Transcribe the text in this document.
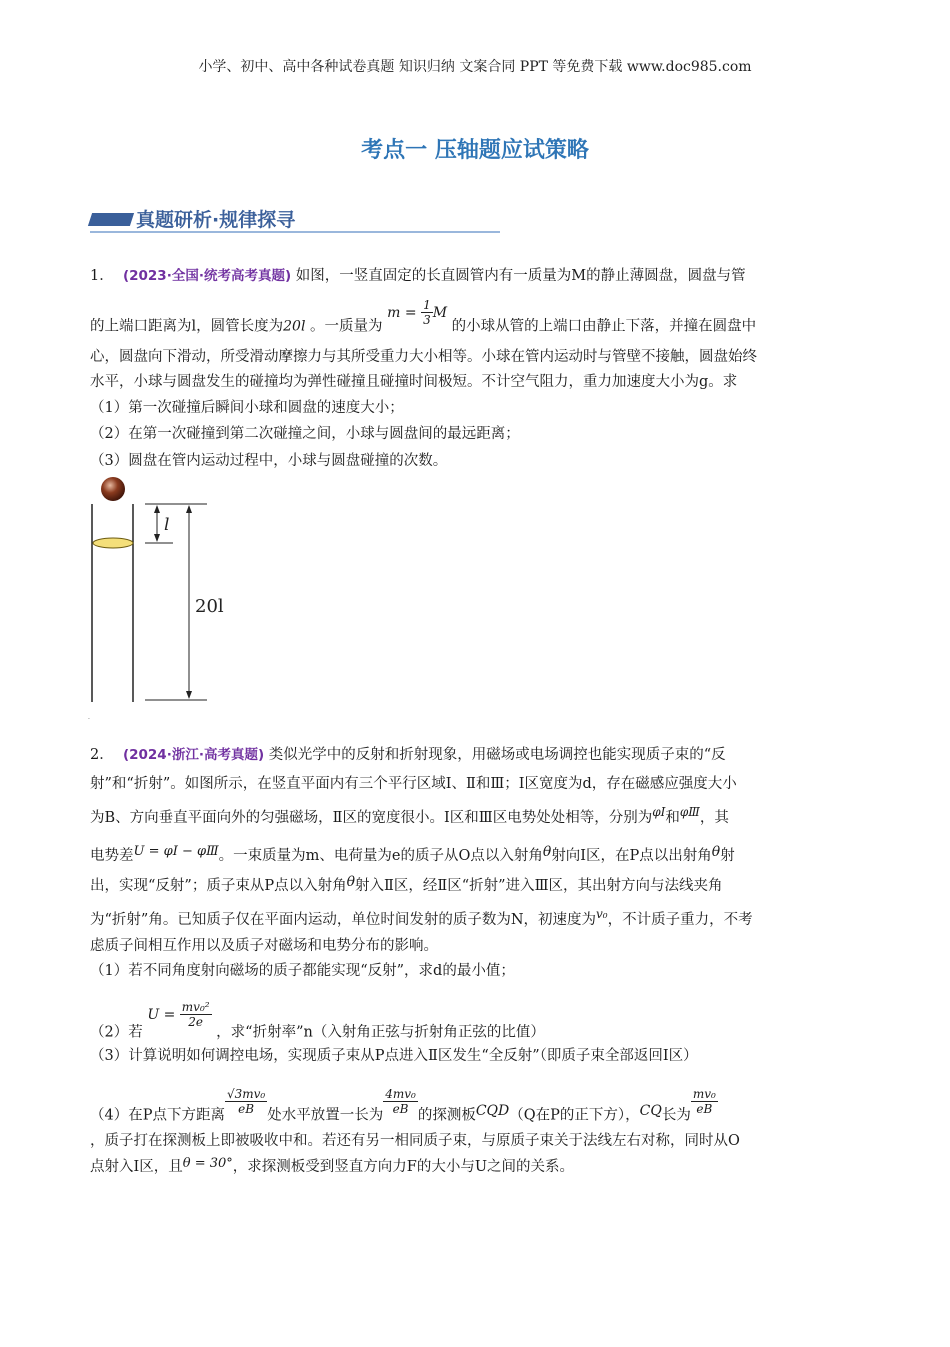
小学、初中、高中各种试卷真题 知识归纳 文案合同 PPT 等免费下载 www.doc985.com
考点一 压轴题应试策略
真题研析·规律探寻
1． (2023·全国·统考高考真题) 如图，一竖直固定的长直圆管内有一质量为M的静止薄圆盘，圆盘与管
的上端口距离为l，圆管长度为20l 。一质量为 $m = \frac{1}{3}$ M 的小球从管的上端口由静止下落，并撞在圆盘中
心，圆盘向下滑动，所受滑动摩擦力与其所受重力大小相等。小球在管内运动时与管壁不接触，圆盘始终
水平，小球与圆盘发生的碰撞均为弹性碰撞且碰撞时间极短。不计空气阻力，重力加速度大小为g。求
（1）第一次碰撞后瞬间小球和圆盘的速度大小；
（2）在第一次碰撞到第二次碰撞之间，小球与圆盘间的最远距离；
（3）圆盘在管内运动过程中，小球与圆盘碰撞的次数。
l
20l
.
2． (2024·浙江·高考真题) 类似光学中的反射和折射现象，用磁场或电场调控也能实现质子束的“反
射”和“折射”。如图所示，在竖直平面内有三个平行区域Ⅰ、Ⅱ和Ⅲ；Ⅰ区宽度为d，存在磁感应强度大小
为B、方向垂直平面向外的匀强磁场，Ⅱ区的宽度很小。Ⅰ区和Ⅲ区电势处处相等，分别为$^{\varphi Ⅰ}$和$^{\varphi Ⅲ}$，其
电势差U = φⅠ − φⅢ。一束质量为m、电荷量为e的质子从O点以入射角θ射向Ⅰ区，在P点以出射角θ射
出，实现“反射”；质子束从P点以入射角θ射入Ⅱ区，经Ⅱ区“折射”进入Ⅲ区，其出射方向与法线夹角
为“折射”角。已知质子仅在平面内运动，单位时间发射的质子数为N，初速度为$^{v_0}$，不计质子重力，不考
虑质子间相互作用以及质子对磁场和电势分布的影响。
（1）若不同角度射向磁场的质子都能实现“反射”，求d的最小值；
（2）若 $U = \frac{\text{mv₀²}}{2e}$
，求“折射率”n（入射角正弦与折射角正弦的比值）
（3）计算说明如何调控电场，实现质子束从P点进入Ⅱ区发生“全反射”（即质子束全部返回Ⅰ区）
（4）在P点下方距离 $\frac{\text{√3mv₀}}{eB}$ 处水平放置一长为 $\frac{\text{4mv₀}}{eB}$ 的探测板CQD（Q在P的正下方），CQ长为 $\frac{\text{mv₀}}{eB}$
，质子打在探测板上即被吸收中和。若还有另一相同质子束，与原质子束关于法线左右对称，同时从O
点射入Ⅰ区，且θ = 30°，求探测板受到竖直方向力F的大小与U之间的关系。
